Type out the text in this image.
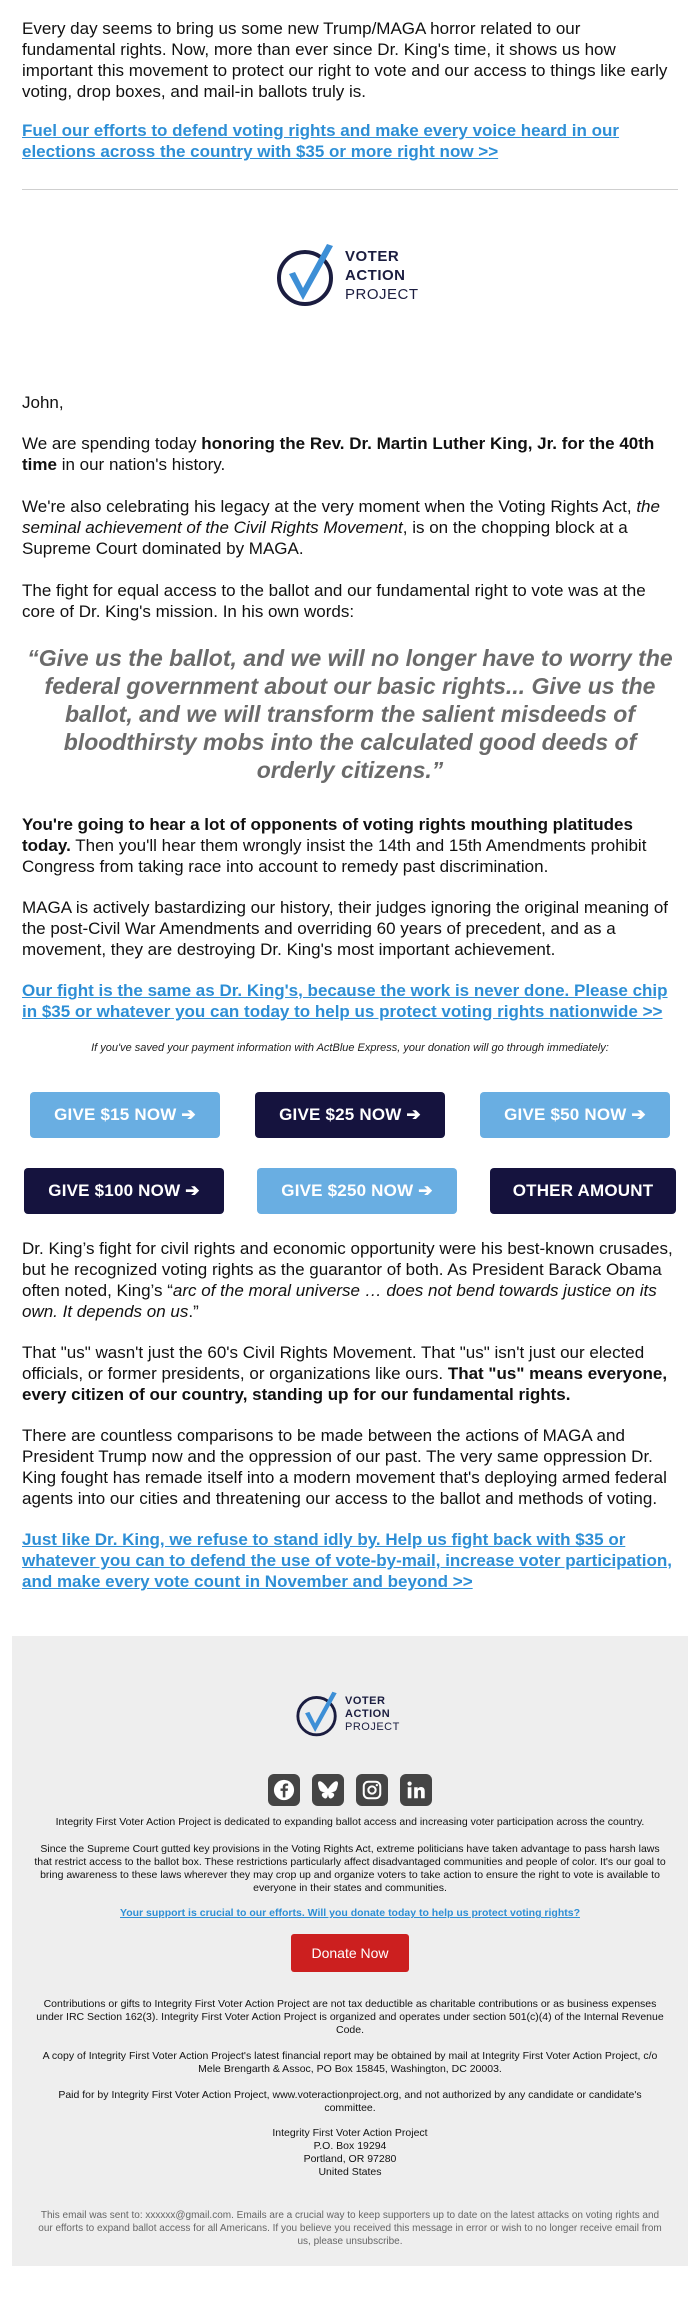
Every day seems to bring us some new Trump/MAGA horror related to our fundamental rights. Now, more than ever since Dr. King's time, it shows us how important this movement to protect our right to vote and our access to things like early voting, drop boxes, and mail-in ballots truly is.

Fuel our efforts to defend voting rights and make every voice heard in our elections across the country with $35 or more right now >>

VOTER
ACTION
PROJECT

John,

We are spending today honoring the Rev. Dr. Martin Luther King, Jr. for the 40th time in our nation's history.

We're also celebrating his legacy at the very moment when the Voting Rights Act, the seminal achievement of the Civil Rights Movement, is on the chopping block at a Supreme Court dominated by MAGA.

The fight for equal access to the ballot and our fundamental right to vote was at the core of Dr. King's mission. In his own words:

“Give us the ballot, and we will no longer have to worry the federal government about our basic rights... Give us the ballot, and we will transform the salient misdeeds of bloodthirsty mobs into the calculated good deeds of orderly citizens.”

You're going to hear a lot of opponents of voting rights mouthing platitudes today. Then you'll hear them wrongly insist the 14th and 15th Amendments prohibit Congress from taking race into account to remedy past discrimination.

MAGA is actively bastardizing our history, their judges ignoring the original meaning of the post-Civil War Amendments and overriding 60 years of precedent, and as a movement, they are destroying Dr. King's most important achievement.

Our fight is the same as Dr. King's, because the work is never done. Please chip in $35 or whatever you can today to help us protect voting rights nationwide >>

If you've saved your payment information with ActBlue Express, your donation will go through immediately:

GIVE $15 NOW ➔	GIVE $25 NOW ➔	GIVE $50 NOW ➔
GIVE $100 NOW ➔	GIVE $250 NOW ➔	OTHER AMOUNT

Dr. King’s fight for civil rights and economic opportunity were his best-known crusades, but he recognized voting rights as the guarantor of both. As President Barack Obama often noted, King’s “arc of the moral universe … does not bend towards justice on its own. It depends on us.”

That "us" wasn't just the 60's Civil Rights Movement. That "us" isn't just our elected officials, or former presidents, or organizations like ours. That "us" means everyone, every citizen of our country, standing up for our fundamental rights.

There are countless comparisons to be made between the actions of MAGA and President Trump now and the oppression of our past. The very same oppression Dr. King fought has remade itself into a modern movement that's deploying armed federal agents into our cities and threatening our access to the ballot and methods of voting.

Just like Dr. King, we refuse to stand idly by. Help us fight back with $35 or whatever you can to defend the use of vote-by-mail, increase voter participation, and make every vote count in November and beyond >>

VOTER
ACTION
PROJECT

Integrity First Voter Action Project is dedicated to expanding ballot access and increasing voter participation across the country.

Since the Supreme Court gutted key provisions in the Voting Rights Act, extreme politicians have taken advantage to pass harsh laws that restrict access to the ballot box. These restrictions particularly affect disadvantaged communities and people of color. It's our goal to bring awareness to these laws wherever they may crop up and organize voters to take action to ensure the right to vote is available to everyone in their states and communities.

Your support is crucial to our efforts. Will you donate today to help us protect voting rights?

Donate Now

Contributions or gifts to Integrity First Voter Action Project are not tax deductible as charitable contributions or as business expenses under IRC Section 162(3). Integrity First Voter Action Project is organized and operates under section 501(c)(4) of the Internal Revenue Code.

A copy of Integrity First Voter Action Project's latest financial report may be obtained by mail at Integrity First Voter Action Project, c/o Mele Brengarth & Assoc, PO Box 15845, Washington, DC 20003.

Paid for by Integrity First Voter Action Project, www.voteractionproject.org, and not authorized by any candidate or candidate's committee.

Integrity First Voter Action Project
P.O. Box 19294
Portland, OR 97280
United States

This email was sent to: xxxxxx@gmail.com. Emails are a crucial way to keep supporters up to date on the latest attacks on voting rights and our efforts to expand ballot access for all Americans. If you believe you received this message in error or wish to no longer receive email from us, please unsubscribe.
